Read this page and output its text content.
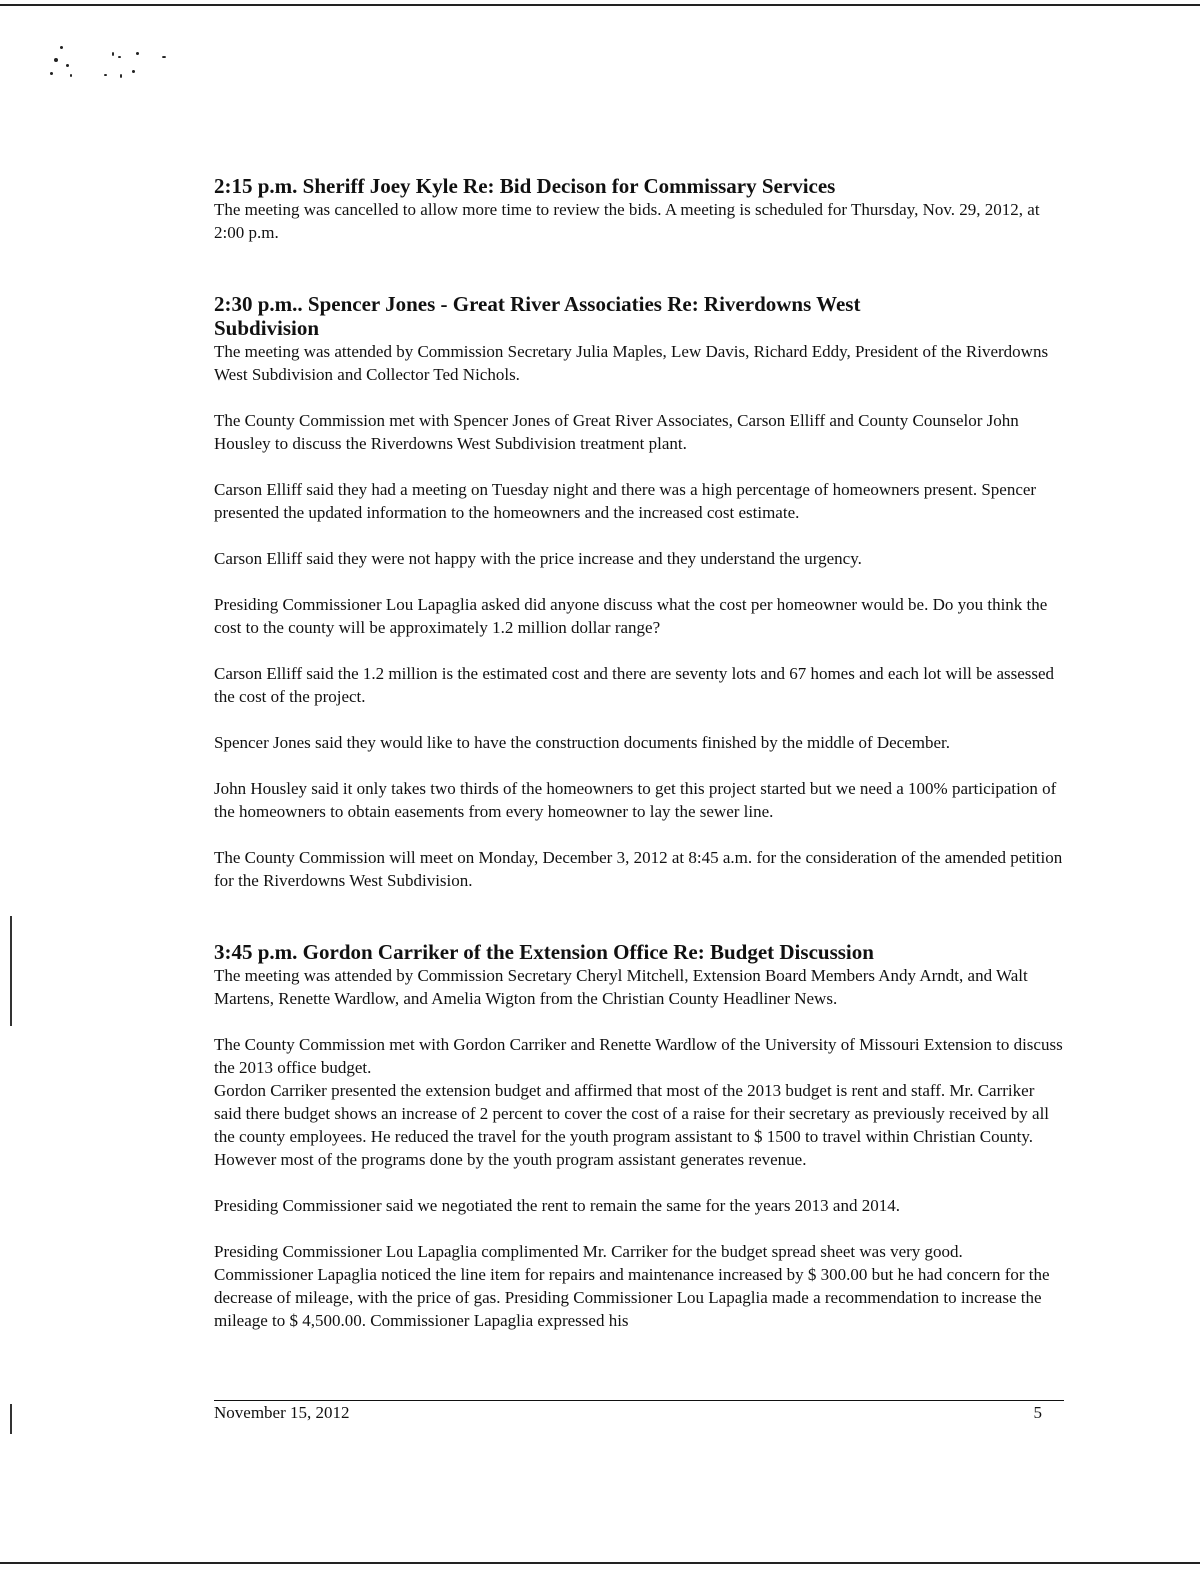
2:15 p.m. Sheriff Joey Kyle Re: Bid Decison for Commissary Services

The meeting was cancelled to allow more time to review the bids. A meeting is scheduled for Thursday, Nov. 29, 2012, at 2:00 p.m.

2:30 p.m.. Spencer Jones - Great River Associaties Re: Riverdowns West Subdivision

The meeting was attended by Commission Secretary Julia Maples, Lew Davis, Richard Eddy, President of the Riverdowns West Subdivision and Collector Ted Nichols.

The County Commission met with Spencer Jones of Great River Associates, Carson Elliff and County Counselor John Housley to discuss the Riverdowns West Subdivision treatment plant.

Carson Elliff said they had a meeting on Tuesday night and there was a high percentage of homeowners present. Spencer presented the updated information to the homeowners and the increased cost estimate.

Carson Elliff said they were not happy with the price increase and they understand the urgency.

Presiding Commissioner Lou Lapaglia asked did anyone discuss what the cost per homeowner would be. Do you think the cost to the county will be approximately 1.2 million dollar range?

Carson Elliff said the 1.2 million is the estimated cost and there are seventy lots and 67 homes and each lot will be assessed the cost of the project.

Spencer Jones said they would like to have the construction documents finished by the middle of December.

John Housley said it only takes two thirds of the homeowners to get this project started but we need a 100% participation of the homeowners to obtain easements from every homeowner to lay the sewer line.

The County Commission will meet on Monday, December 3, 2012 at 8:45 a.m. for the consideration of the amended petition for the Riverdowns West Subdivision.

3:45 p.m. Gordon Carriker of the Extension Office Re: Budget Discussion

The meeting was attended by Commission Secretary Cheryl Mitchell, Extension Board Members Andy Arndt, and Walt Martens, Renette Wardlow, and Amelia Wigton from the Christian County Headliner News.

The County Commission met with Gordon Carriker and Renette Wardlow of the University of Missouri Extension to discuss the 2013 office budget.

Gordon Carriker presented the extension budget and affirmed that most of the 2013 budget is rent and staff. Mr. Carriker said there budget shows an increase of 2 percent to cover the cost of a raise for their secretary as previously received by all the county employees. He reduced the travel for the youth program assistant to $ 1500 to travel within Christian County. However most of the programs done by the youth program assistant generates revenue.

Presiding Commissioner said we negotiated the rent to remain the same for the years 2013 and 2014.

Presiding Commissioner Lou Lapaglia complimented Mr. Carriker for the budget spread sheet was very good. Commissioner Lapaglia noticed the line item for repairs and maintenance increased by $ 300.00 but he had concern for the decrease of mileage, with the price of gas. Presiding Commissioner Lou Lapaglia made a recommendation to increase the mileage to $ 4,500.00. Commissioner Lapaglia expressed his

November 15, 2012	5
